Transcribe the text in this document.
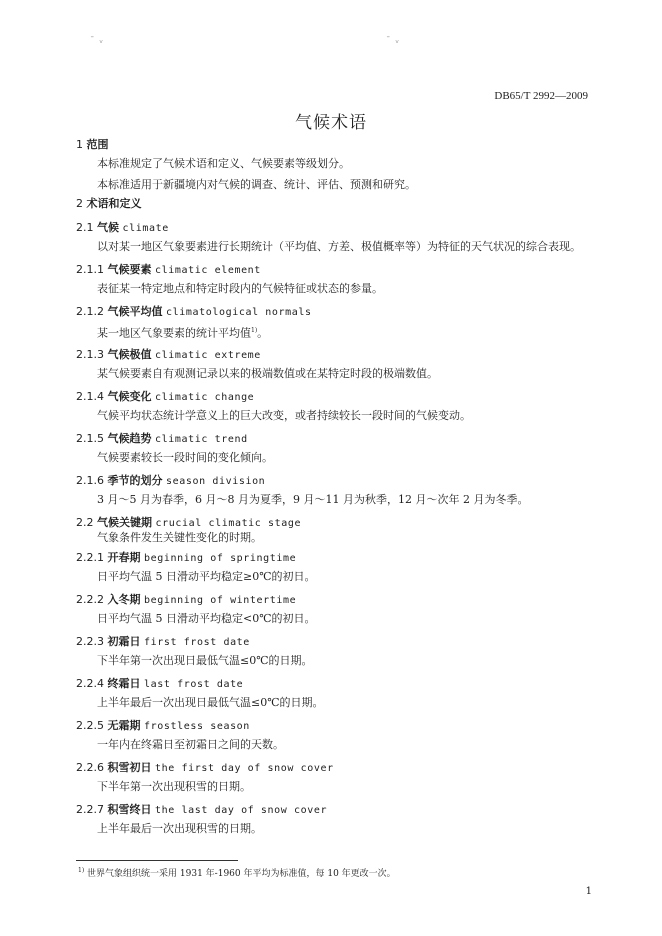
ˉ ᵥ	ˉ ᵥ
DB65/T 2992—2009
气候术语
1 范围
本标准规定了气候术语和定义、气候要素等级划分。
本标准适用于新疆境内对气候的调查、统计、评估、预测和研究。
2 术语和定义
2.1 气候 climate
以对某一地区气象要素进行长期统计（平均值、方差、极值概率等）为特征的天气状况的综合表现。
2.1.1 气候要素 climatic element
表征某一特定地点和特定时段内的气候特征或状态的参量。
2.1.2 气候平均值 climatological normals
某一地区气象要素的统计平均值$^{1)}$。
2.1.3 气候极值 climatic extreme
某气候要素自有观测记录以来的极端数值或在某特定时段的极端数值。
2.1.4 气候变化 climatic change
气候平均状态统计学意义上的巨大改变，或者持续较长一段时间的气候变动。
2.1.5 气候趋势 climatic trend
气候要素较长一段时间的变化倾向。
2.1.6 季节的划分 season division
3 月～5 月为春季，6 月～8 月为夏季，9 月～11 月为秋季，12 月～次年 2 月为冬季。
2.2 气候关键期 crucial climatic stage
气象条件发生关键性变化的时期。
2.2.1 开春期 beginning of springtime
日平均气温 5 日滑动平均稳定≥0℃的初日。
2.2.2 入冬期 beginning of wintertime
日平均气温 5 日滑动平均稳定<0℃的初日。
2.2.3 初霜日 first frost date
下半年第一次出现日最低气温≤0℃的日期。
2.2.4 终霜日 last frost date
上半年最后一次出现日最低气温≤0℃的日期。
2.2.5 无霜期 frostless season
一年内在终霜日至初霜日之间的天数。
2.2.6 积雪初日 the first day of snow cover
下半年第一次出现积雪的日期。
2.2.7 积雪终日 the last day of snow cover
上半年最后一次出现积雪的日期。
$^{1)}$ 世界气象组织统一采用 1931 年-1960 年平均为标准值，每 10 年更改一次。
1
